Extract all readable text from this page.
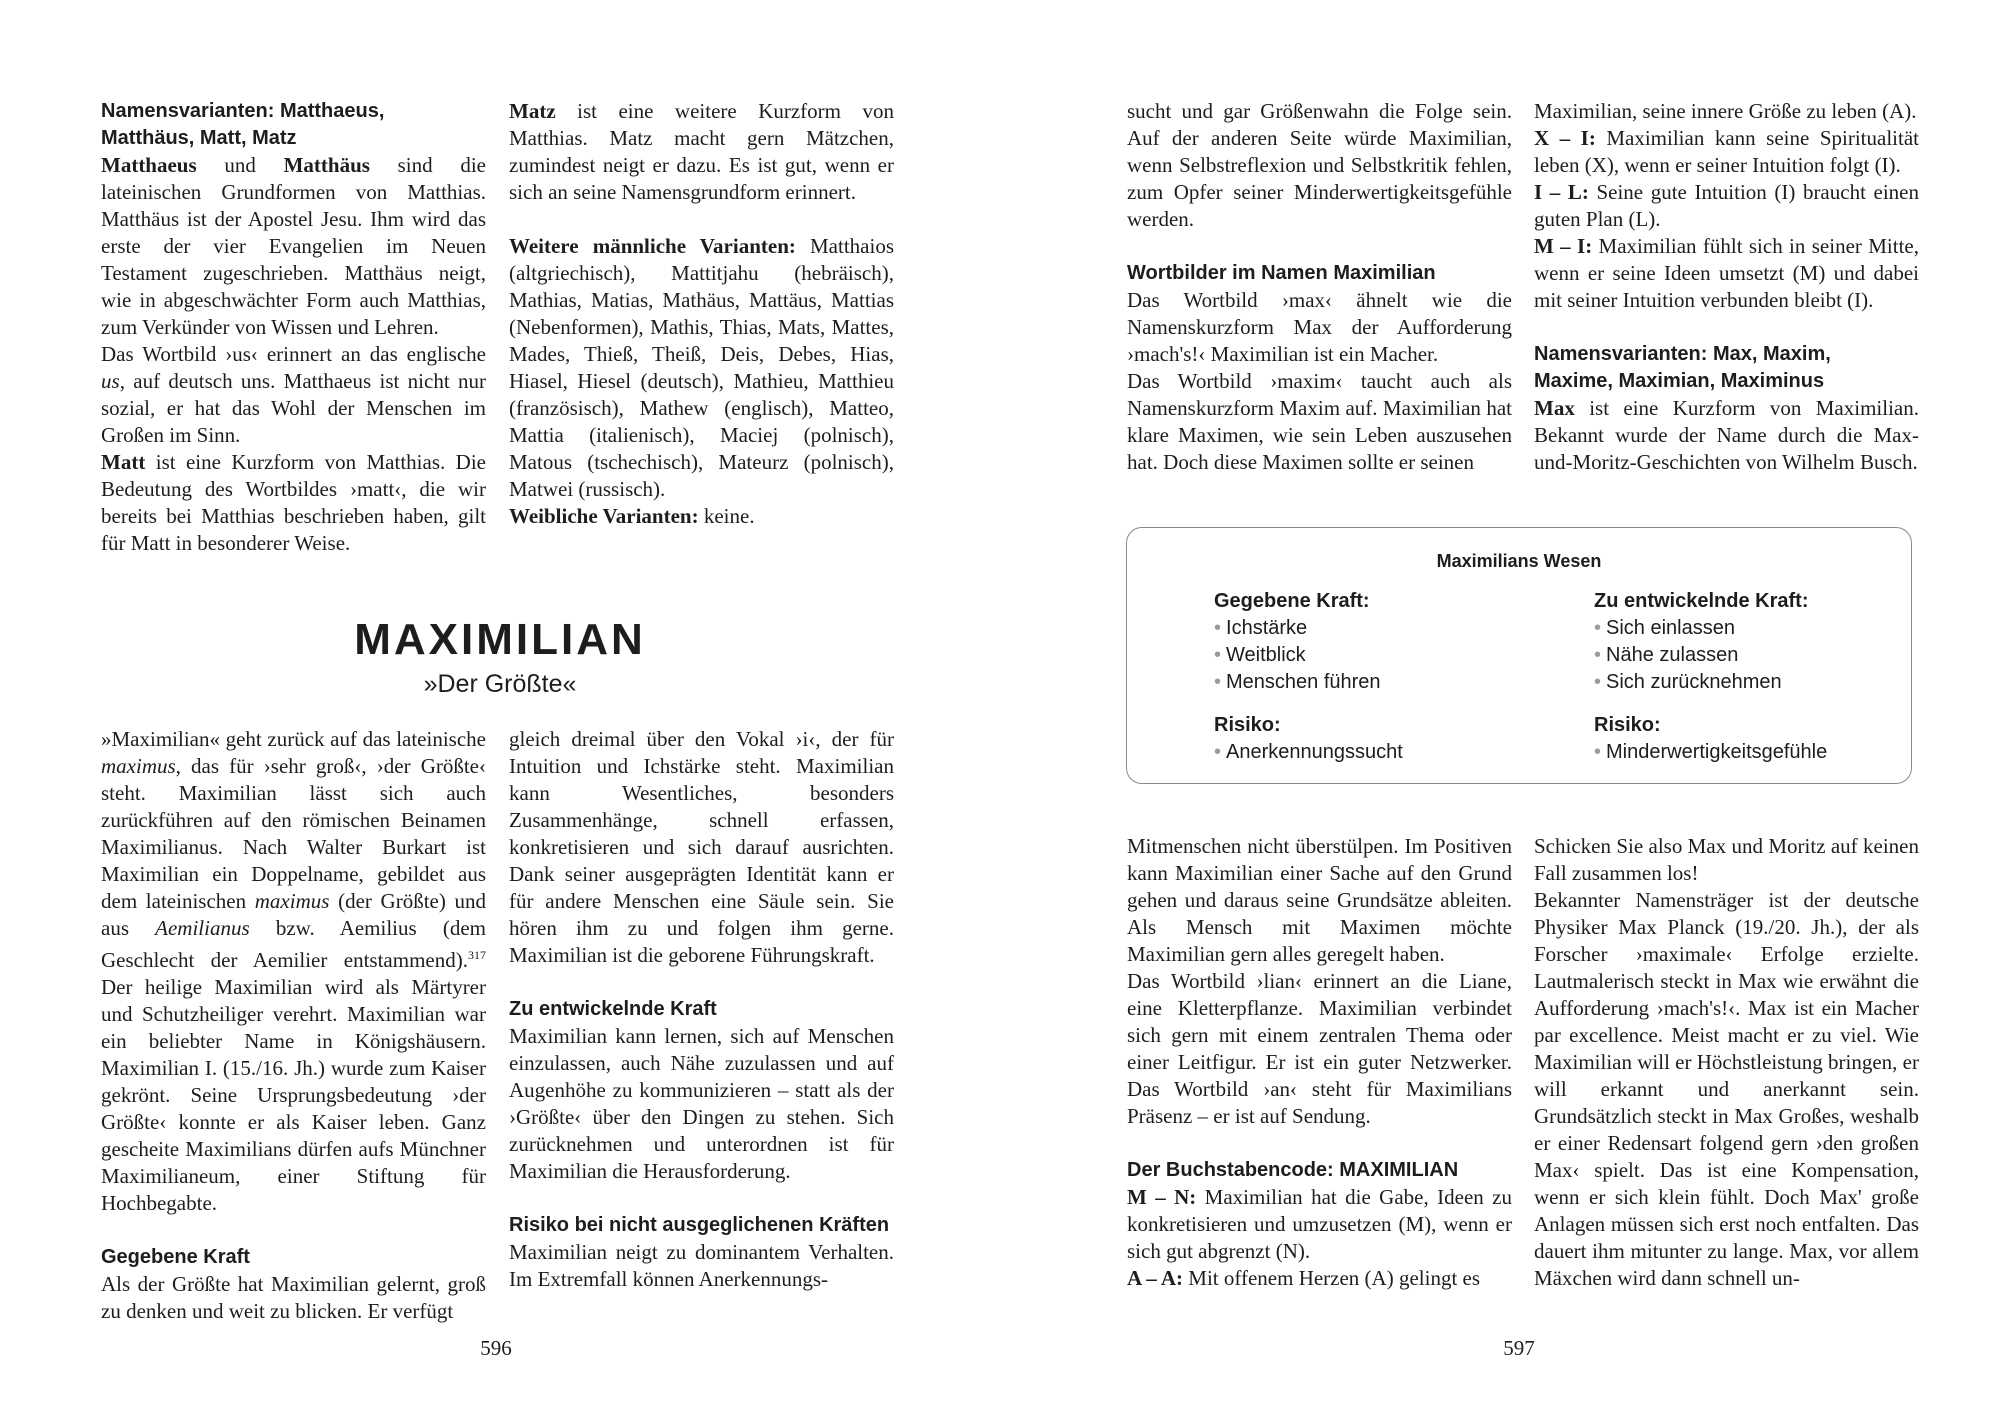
Namensvarianten: Matthaeus,
Matthäus, Matt, Matz

Matthaeus und Matthäus sind die lateinischen Grundformen von Matthias. Matthäus ist der Apostel Jesu. Ihm wird das erste der vier Evangelien im Neuen Testament zugeschrieben. Matthäus neigt, wie in abgeschwächter Form auch Matthias, zum Verkünder von Wissen und Lehren.

Das Wortbild ›us‹ erinnert an das englische us, auf deutsch uns. Matthaeus ist nicht nur sozial, er hat das Wohl der Menschen im Großen im Sinn.

Matt ist eine Kurzform von Matthias. Die Bedeutung des Wortbildes ›matt‹, die wir bereits bei Matthias beschrieben haben, gilt für Matt in besonderer Weise.

Matz ist eine weitere Kurzform von Matthias. Matz macht gern Mätzchen, zumindest neigt er dazu. Es ist gut, wenn er sich an seine Namensgrundform erinnert.

Weitere männliche Varianten: Matthaios (altgriechisch), Mattitjahu (hebräisch), Mathias, Matias, Mathäus, Mattäus, Mattias (Nebenformen), Mathis, Thias, Mats, Mattes, Mades, Thieß, Theiß, Deis, Debes, Hias, Hiasel, Hiesel (deutsch), Mathieu, Matthieu (französisch), Mathew (englisch), Matteo, Mattia (italienisch), Maciej (polnisch), Matous (tschechisch), Mateurz (polnisch), Matwei (russisch).

Weibliche Varianten: keine.

MAXIMILIAN
»Der Größte«

»Maximilian« geht zurück auf das lateinische maximus, das für ›sehr groß‹, ›der Größte‹ steht. Maximilian lässt sich auch zurückführen auf den römischen Beinamen Maximilianus. Nach Walter Burkart ist Maximilian ein Doppelname, gebildet aus dem lateinischen maximus (der Größte) und aus Aemilianus bzw. Aemilius (dem Geschlecht der Aemilier entstammend).$^{317}$ Der heilige Maximilian wird als Märtyrer und Schutzheiliger verehrt. Maximilian war ein beliebter Name in Königshäusern. Maximilian I. (15./16. Jh.) wurde zum Kaiser gekrönt. Seine Ursprungsbedeutung ›der Größte‹ konnte er als Kaiser leben. Ganz gescheite Maximilians dürfen aufs Münchner Maximilianeum, einer Stiftung für Hochbegabte.

Gegebene Kraft

Als der Größte hat Maximilian gelernt, groß zu denken und weit zu blicken. Er verfügt

gleich dreimal über den Vokal ›i‹, der für Intuition und Ichstärke steht. Maximilian kann Wesentliches, besonders Zusammenhänge, schnell erfassen, konkretisieren und sich darauf ausrichten. Dank seiner ausgeprägten Identität kann er für andere Menschen eine Säule sein. Sie hören ihm zu und folgen ihm gerne. Maximilian ist die geborene Führungskraft.

Zu entwickelnde Kraft

Maximilian kann lernen, sich auf Menschen einzulassen, auch Nähe zuzulassen und auf Augenhöhe zu kommunizieren – statt als der ›Größte‹ über den Dingen zu stehen. Sich zurücknehmen und unterordnen ist für Maximilian die Herausforderung.

Risiko bei nicht ausgeglichenen Kräften

Maximilian neigt zu dominantem Verhalten. Im Extremfall können Anerkennungs-

596

sucht und gar Größenwahn die Folge sein. Auf der anderen Seite würde Maximilian, wenn Selbstreflexion und Selbstkritik fehlen, zum Opfer seiner Minderwertigkeitsgefühle werden.

Wortbilder im Namen Maximilian

Das Wortbild ›max‹ ähnelt wie die Namenskurzform Max der Aufforderung ›mach's!‹ Maximilian ist ein Macher.

Das Wortbild ›maxim‹ taucht auch als Namenskurzform Maxim auf. Maximilian hat klare Maximen, wie sein Leben auszusehen hat. Doch diese Maximen sollte er seinen

Maximilian, seine innere Größe zu leben (A).

X – I: Maximilian kann seine Spiritualität leben (X), wenn er seiner Intuition folgt (I).

I – L: Seine gute Intuition (I) braucht einen guten Plan (L).

M – I: Maximilian fühlt sich in seiner Mitte, wenn er seine Ideen umsetzt (M) und dabei mit seiner Intuition verbunden bleibt (I).

Namensvarianten: Max, Maxim,
Maxime, Maximian, Maximinus

Max ist eine Kurzform von Maximilian. Bekannt wurde der Name durch die Max-und-Moritz-Geschichten von Wilhelm Busch.

Maximilians Wesen
Gegebene Kraft:
• Ichstärke
• Weitblick
• Menschen führen
Risiko:
• Anerkennungssucht
Zu entwickelnde Kraft:
• Sich einlassen
• Nähe zulassen
• Sich zurücknehmen
Risiko:
• Minderwertigkeitsgefühle

Mitmenschen nicht überstülpen. Im Positiven kann Maximilian einer Sache auf den Grund gehen und daraus seine Grundsätze ableiten. Als Mensch mit Maximen möchte Maximilian gern alles geregelt haben.

Das Wortbild ›lian‹ erinnert an die Liane, eine Kletterpflanze. Maximilian verbindet sich gern mit einem zentralen Thema oder einer Leitfigur. Er ist ein guter Netzwerker. Das Wortbild ›an‹ steht für Maximilians Präsenz – er ist auf Sendung.

Der Buchstabencode: MAXIMILIAN

M – N: Maximilian hat die Gabe, Ideen zu konkretisieren und umzusetzen (M), wenn er sich gut abgrenzt (N).

A – A: Mit offenem Herzen (A) gelingt es

Schicken Sie also Max und Moritz auf keinen Fall zusammen los!

Bekannter Namensträger ist der deutsche Physiker Max Planck (19./20. Jh.), der als Forscher ›maximale‹ Erfolge erzielte. Lautmalerisch steckt in Max wie erwähnt die Aufforderung ›mach's!‹. Max ist ein Macher par excellence. Meist macht er zu viel. Wie Maximilian will er Höchstleistung bringen, er will erkannt und anerkannt sein. Grundsätzlich steckt in Max Großes, weshalb er einer Redensart folgend gern ›den großen Max‹ spielt. Das ist eine Kompensation, wenn er sich klein fühlt. Doch Max' große Anlagen müssen sich erst noch entfalten. Das dauert ihm mitunter zu lange. Max, vor allem Mäxchen wird dann schnell un-

597
